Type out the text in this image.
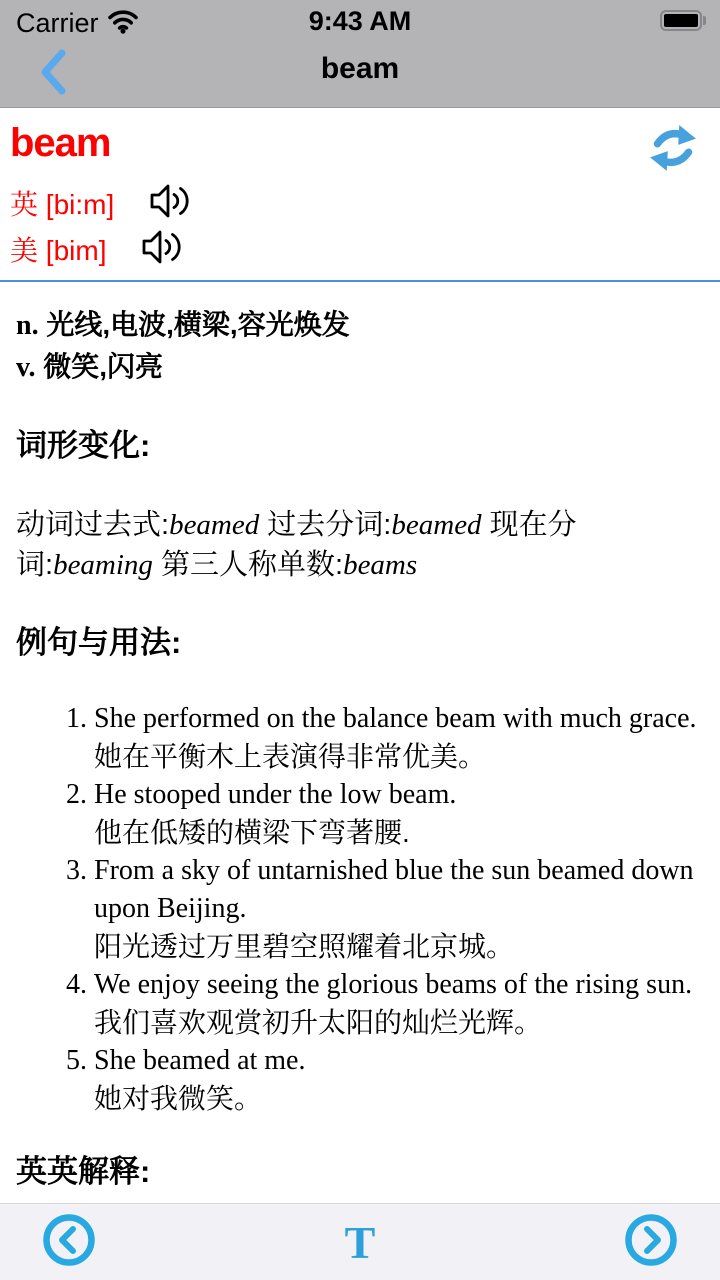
Carrier	9:43 AM
beam
beam
英 [bi:m]
美 [bim]
n. 光线,电波,横梁,容光焕发
v. 微笑,闪亮
词形变化:
动词过去式:beamed 过去分词:beamed 现在分词:beaming 第三人称单数:beams
例句与用法:
1. She performed on the balance beam with much grace.
她在平衡木上表演得非常优美。
2. He stooped under the low beam.
他在低矮的横梁下弯著腰.
3. From a sky of untarnished blue the sun beamed down upon Beijing.
阳光透过万里碧空照耀着北京城。
4. We enjoy seeing the glorious beams of the rising sun.
我们喜欢观赏初升太阳的灿烂光辉。
5. She beamed at me.
她对我微笑。
英英解释:
T
